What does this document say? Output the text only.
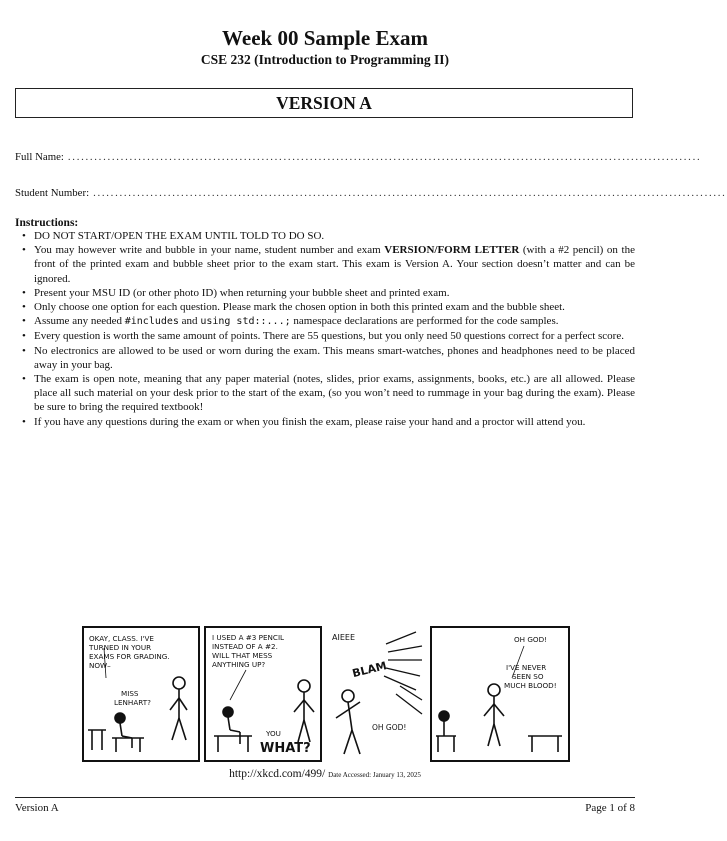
Week 00 Sample Exam
CSE 232 (Introduction to Programming II)
VERSION A
Full Name: ................................................................................................................................................
Student Number: ................................................................................................................................................
Instructions:
• DO NOT START/OPEN THE EXAM UNTIL TOLD TO DO SO.
• You may however write and bubble in your name, student number and exam VERSION/FORM LETTER (with a #2 pencil) on the front of the printed exam and bubble sheet prior to the exam start. This exam is Version A. Your section doesn’t matter and can be ignored.
• Present your MSU ID (or other photo ID) when returning your bubble sheet and printed exam.
• Only choose one option for each question. Please mark the chosen option in both this printed exam and the bubble sheet.
• Assume any needed #includes and using std::...; namespace declarations are performed for the code samples.
• Every question is worth the same amount of points. There are 55 questions, but you only need 50 questions correct for a perfect score.
• No electronics are allowed to be used or worn during the exam. This means smart-watches, phones and headphones need to be placed away in your bag.
• The exam is open note, meaning that any paper material (notes, slides, prior exams, assignments, books, etc.) are all allowed. Please place all such material on your desk prior to the start of the exam, (so you won’t need to rummage in your bag during the exam). Please be sure to bring the required textbook!
• If you have any questions during the exam or when you finish the exam, please raise your hand and a proctor will attend you.
OKAY, CLASS. I'VE
TURNED IN YOUR
EXAMS FOR GRADING.
NOW–
MISS
LENHART?
I USED A #3 PENCIL
INSTEAD OF A #2.
WILL THAT MESS
ANYTHING UP?
YOU
WHAT?
AIEEE
BLAM
OH GOD!
OH GOD!
I'VE NEVER
SEEN SO
MUCH BLOOD!
http://xkcd.com/499/ Date Accessed: January 13, 2025
Version A	Page 1 of 8
